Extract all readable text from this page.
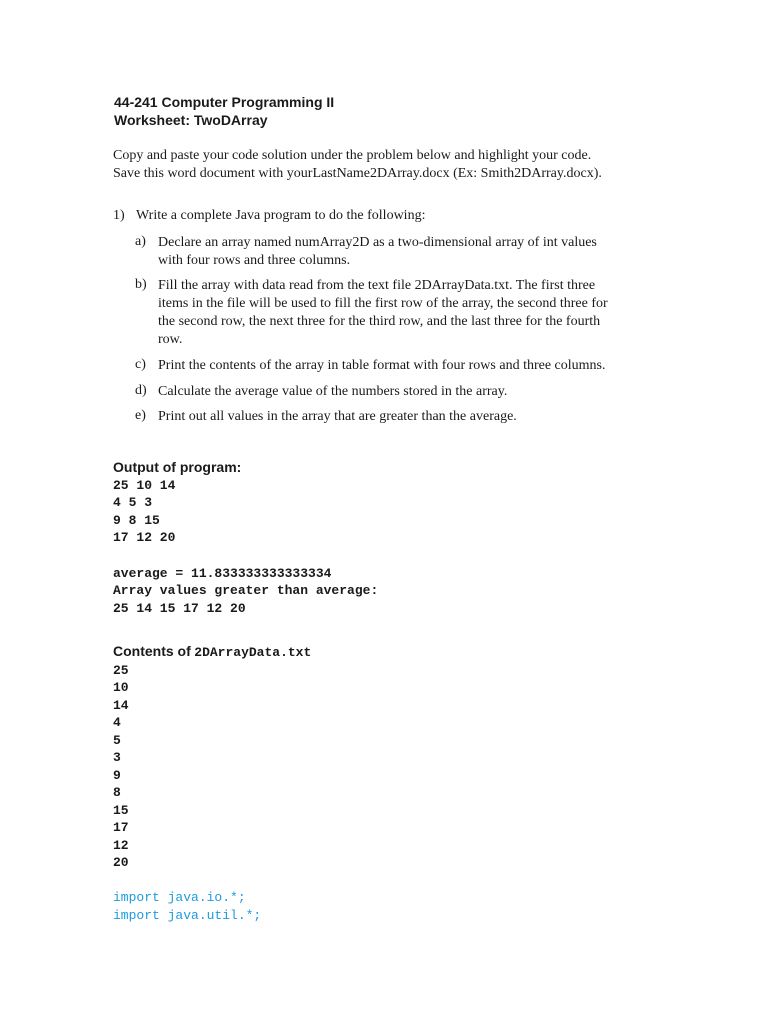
44-241 Computer Programming II
Worksheet: TwoDArray
Copy and paste your code solution under the problem below and highlight your code.
Save this word document with yourLastName2DArray.docx (Ex: Smith2DArray.docx).
1) Write a complete Java program to do the following:
a) Declare an array named numArray2D as a two-dimensional array of int values
with four rows and three columns.
b) Fill the array with data read from the text file 2DArrayData.txt. The first three
items in the file will be used to fill the first row of the array, the second three for
the second row, the next three for the third row, and the last three for the fourth
row.
c) Print the contents of the array in table format with four rows and three columns.
d) Calculate the average value of the numbers stored in the array.
e) Print out all values in the array that are greater than the average.
Output of program:
25 10 14
4 5 3
9 8 15
17 12 20
average = 11.833333333333334
Array values greater than average:
25 14 15 17 12 20
Contents of 2DArrayData.txt
25
10
14
4
5
3
9
8
15
17
12
20
import java.io.*;
import java.util.*;
